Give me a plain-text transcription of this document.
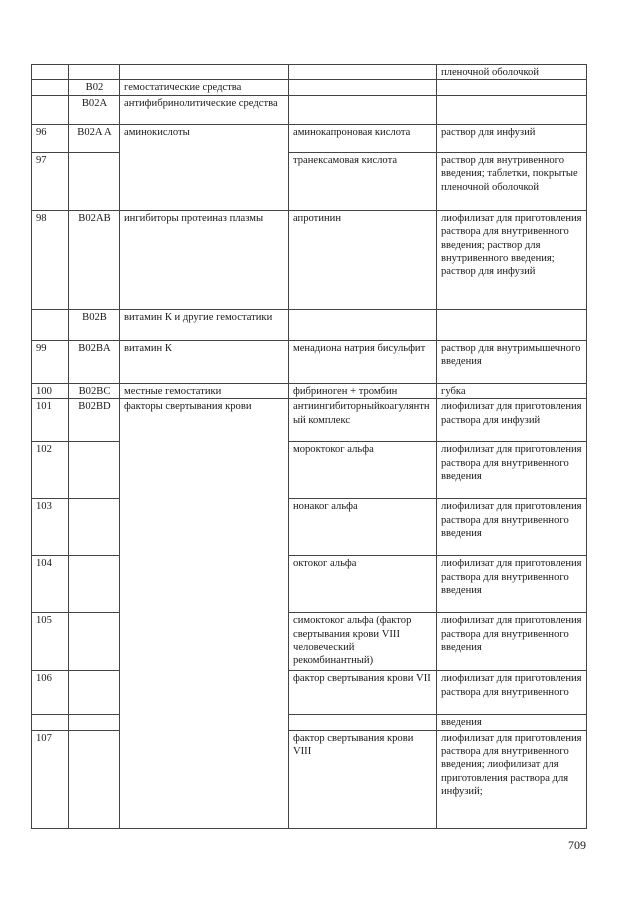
				пленочной оболочкой
	B02	гемостатические средства		
	B02A	антифибринолитические средства		
96	B02A A	аминокислоты	аминокапроновая кислота	раствор для инфузий
97			транексамовая кислота	раствор для внутривенного введения; таблетки, покрытые пленочной оболочкой
98	B02AB	ингибиторы протеиназ плазмы	апротинин	лиофилизат для приготовления раствора для внутривенного введения; раствор для внутривенного введения; раствор для инфузий
	B02B	витамин К и другие гемостатики		
99	B02BA	витамин К	менадиона натрия бисульфит	раствор для внутримышечного введения
100	B02BC	местные гемостатики	фибриноген + тромбин	губка
101	B02BD	факторы свертывания крови	антиингибиторныйкоагулянтный комплекс	лиофилизат для приготовления раствора для инфузий
102			мороктоког альфа	лиофилизат для приготовления раствора для внутривенного введения
103			нонаког альфа	лиофилизат для приготовления раствора для внутривенного введения
104			октоког альфа	лиофилизат для приготовления раствора для внутривенного введения
105			симоктоког альфа (фактор свертывания крови VIII человеческий рекомбинантный)	лиофилизат для приготовления раствора для внутривенного введения
106			фактор свертывания крови VII	лиофилизат для приготовления раствора для внутривенного
				введения
107			фактор свертывания крови VIII	лиофилизат для приготовления раствора для внутривенного введения; лиофилизат для приготовления раствора для инфузий;
709
